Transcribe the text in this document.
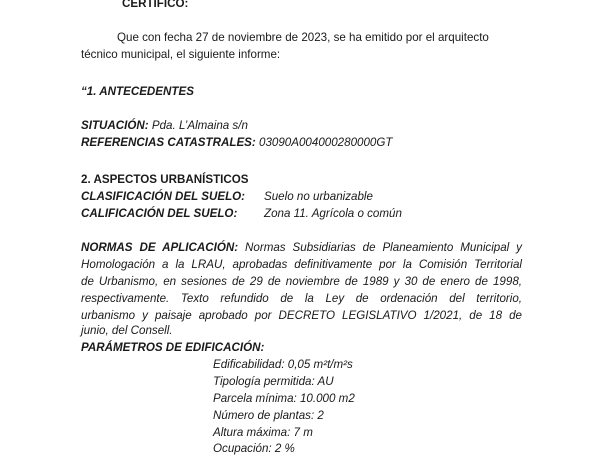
CERTIFICO:
Que con fecha 27 de noviembre de 2023, se ha emitido por el arquitecto
técnico municipal, el siguiente informe:
“1. ANTECEDENTES
SITUACIÓN: Pda. L’Almaina s/n
REFERENCIAS CATASTRALES: 03090A004000280000GT
2. ASPECTOS URBANÍSTICOS
CLASIFICACIÓN DEL SUELO: Suelo no urbanizable
CALIFICACIÓN DEL SUELO: Zona 11. Agrícola o común
NORMAS DE APLICACIÓN: Normas Subsidiarias de Planeamiento Municipal y
Homologación a la LRAU, aprobadas definitivamente por la Comisión Territorial
de Urbanismo, en sesiones de 29 de noviembre de 1989 y 30 de enero de 1998,
respectivamente. Texto refundido de la Ley de ordenación del territorio,
urbanismo y paisaje aprobado por DECRETO LEGISLATIVO 1/2021, de 18 de
junio, del Consell.
PARÁMETROS DE EDIFICACIÓN:
Edificabilidad: 0,05 m²t/m²s
Tipología permitida: AU
Parcela mínima: 10.000 m2
Número de plantas: 2
Altura máxima: 7 m
Ocupación: 2 %
